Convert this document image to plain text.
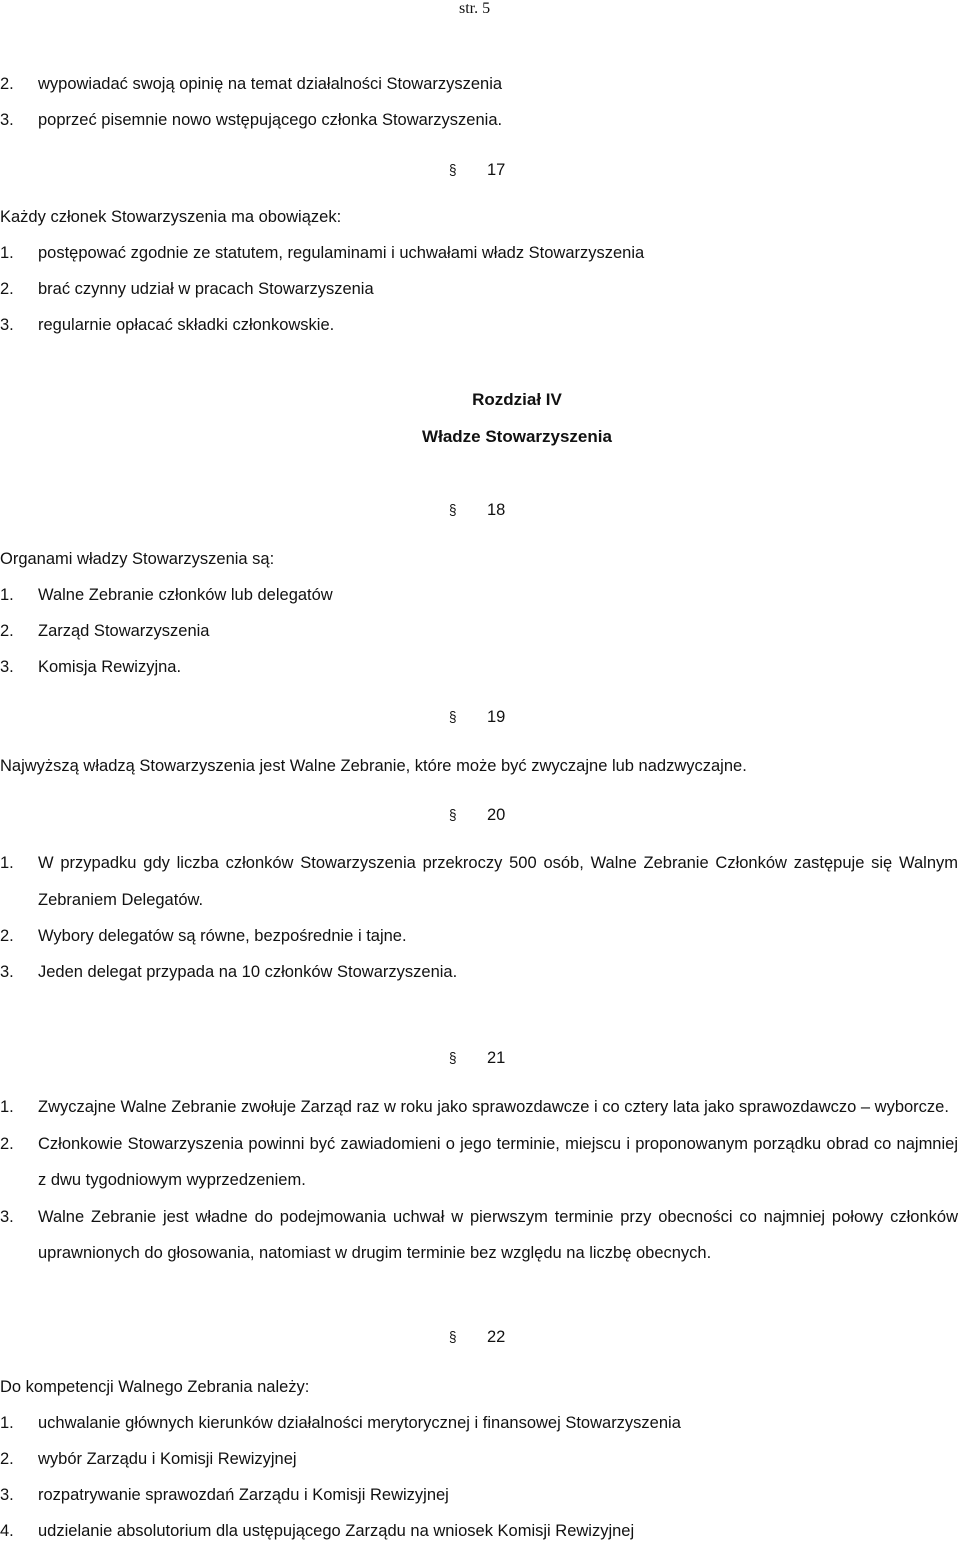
str. 5
2.	wypowiadać swoją opinię na temat działalności Stowarzyszenia
3.	poprzeć pisemnie nowo wstępującego członka Stowarzyszenia.
§ 17
Każdy członek Stowarzyszenia ma obowiązek:
1.	postępować zgodnie ze statutem, regulaminami i uchwałami władz Stowarzyszenia
2.	brać czynny udział w pracach Stowarzyszenia
3.	regularnie opłacać składki członkowskie.
Rozdział IV
Władze Stowarzyszenia
§ 18
Organami władzy Stowarzyszenia są:
1.	Walne Zebranie członków lub delegatów
2.	Zarząd Stowarzyszenia
3.	Komisja Rewizyjna.
§ 19
Najwyższą władzą Stowarzyszenia jest Walne Zebranie, które może być zwyczajne lub nadzwyczajne.
§ 20
1.	W przypadku gdy liczba członków Stowarzyszenia przekroczy 500 osób, Walne Zebranie Członków zastępuje się Walnym Zebraniem Delegatów.
2.	Wybory delegatów są równe, bezpośrednie i tajne.
3.	Jeden delegat przypada na 10 członków Stowarzyszenia.
§ 21
1.	Zwyczajne Walne Zebranie zwołuje Zarząd raz w roku jako sprawozdawcze i co cztery lata jako sprawozdawczo – wyborcze.
2.	Członkowie Stowarzyszenia powinni być zawiadomieni o jego terminie, miejscu i proponowanym porządku obrad co najmniej z dwu tygodniowym wyprzedzeniem.
3.	Walne Zebranie jest władne do podejmowania uchwał w pierwszym terminie przy obecności co najmniej połowy członków uprawnionych do głosowania, natomiast w drugim terminie bez względu na liczbę obecnych.
§ 22
Do kompetencji Walnego Zebrania należy:
1.	uchwalanie głównych kierunków działalności merytorycznej i finansowej Stowarzyszenia
2.	wybór Zarządu i Komisji Rewizyjnej
3.	rozpatrywanie sprawozdań Zarządu i Komisji Rewizyjnej
4.	udzielanie absolutorium dla ustępującego Zarządu na wniosek Komisji Rewizyjnej
